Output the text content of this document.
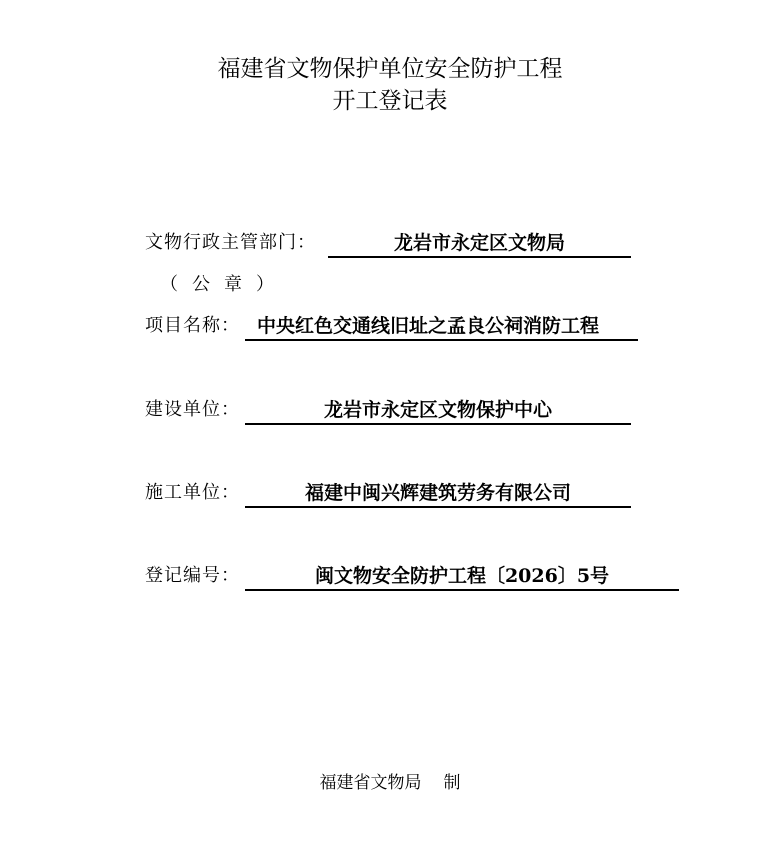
福建省文物保护单位安全防护工程
开工登记表
文物行政主管部门：	龙岩市永定区文物局
（公章）
项目名称： 中央红色交通线旧址之孟良公祠消防工程
建设单位：	龙岩市永定区文物保护中心
施工单位：	福建中闽兴辉建筑劳务有限公司
登记编号：	闽文物安全防护工程〔2026〕5号
福建省文物局 制
